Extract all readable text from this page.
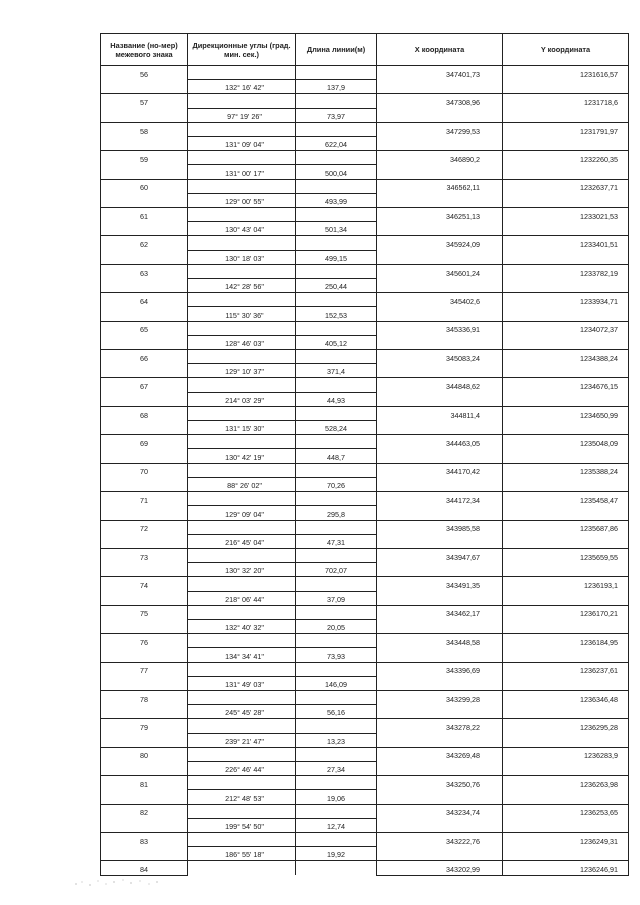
Название (но-мер) межевого знака	Дирекционные углы (град. мин. сек.)	Длина линии(м)	X координата	Y координата
56			347401,73	1231616,57
	132° 16' 42"	137,9		
57			347308,96	1231718,6
	97° 19' 26"	73,97		
58			347299,53	1231791,97
	131° 09' 04"	622,04		
59			346890,2	1232260,35
	131° 00' 17"	500,04		
60			346562,11	1232637,71
	129° 00' 55"	493,99		
61			346251,13	1233021,53
	130° 43' 04"	501,34		
62			345924,09	1233401,51
	130° 18' 03"	499,15		
63			345601,24	1233782,19
	142° 28' 56"	250,44		
64			345402,6	1233934,71
	115° 30' 36"	152,53		
65			345336,91	1234072,37
	128° 46' 03"	405,12		
66			345083,24	1234388,24
	129° 10' 37"	371,4		
67			344848,62	1234676,15
	214° 03' 29"	44,93		
68			344811,4	1234650,99
	131° 15' 30"	528,24		
69			344463,05	1235048,09
	130° 42' 19"	448,7		
70			344170,42	1235388,24
	88° 26' 02"	70,26		
71			344172,34	1235458,47
	129° 09' 04"	295,8		
72			343985,58	1235687,86
	216° 45' 04"	47,31		
73			343947,67	1235659,55
	130° 32' 20"	702,07		
74			343491,35	1236193,1
	218° 06' 44"	37,09		
75			343462,17	1236170,21
	132° 40' 32"	20,05		
76			343448,58	1236184,95
	134° 34' 41"	73,93		
77			343396,69	1236237,61
	131° 49' 03"	146,09		
78			343299,28	1236346,48
	245° 45' 28"	56,16		
79			343278,22	1236295,28
	239° 21' 47"	13,23		
80			343269,48	1236283,9
	226° 46' 44"	27,34		
81			343250,76	1236263,98
	212° 48' 53"	19,06		
82			343234,74	1236253,65
	199° 54' 50"	12,74		
83			343222,76	1236249,31
	186° 55' 18"	19,92		
84			343202,99	1236246,91
